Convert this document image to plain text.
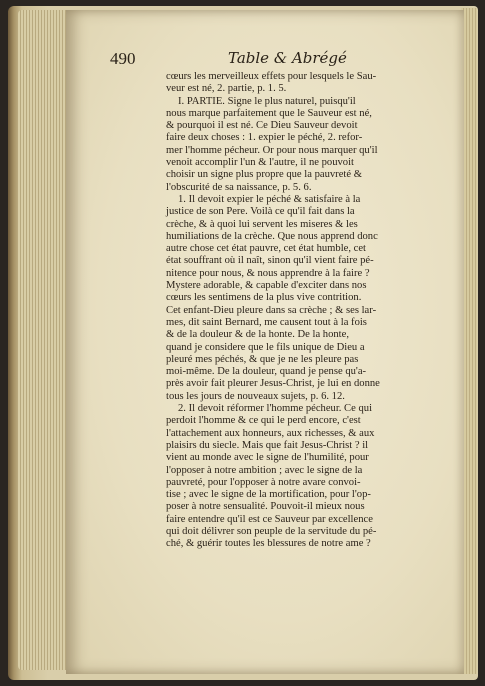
490	Table & Abrégé
cœurs les merveilleux effets pour lesquels le Sau-
veur est né, 2. partie, p. 1. 5.
I. PARTIE. Signe le plus naturel, puisqu'il
nous marque parfaitement que le Sauveur est né,
& pourquoi il est né. Ce Dieu Sauveur devoit
faire deux choses : 1. expier le péché, 2. refor-
mer l'homme pécheur. Or pour nous marquer qu'il
venoit accomplir l'un & l'autre, il ne pouvoit
choisir un signe plus propre que la pauvreté &
l'obscurité de sa naissance, p. 5. 6.
1. Il devoit expier le péché & satisfaire à la
justice de son Pere. Voilà ce qu'il fait dans la
crèche, & à quoi lui servent les miseres & les
humiliations de la crèche. Que nous apprend donc
autre chose cet état pauvre, cet état humble, cet
état souffrant où il naît, sinon qu'il vient faire pé-
nitence pour nous, & nous apprendre à la faire ?
Mystere adorable, & capable d'exciter dans nos
cœurs les sentimens de la plus vive contrition.
Cet enfant-Dieu pleure dans sa crèche ; & ses lar-
mes, dit saint Bernard, me causent tout à la fois
& de la douleur & de la honte. De la honte,
quand je considere que le fils unique de Dieu a
pleuré mes péchés, & que je ne les pleure pas
moi-même. De la douleur, quand je pense qu'a-
près avoir fait pleurer Jesus-Christ, je lui en donne
tous les jours de nouveaux sujets, p. 6. 12.
2. Il devoit réformer l'homme pécheur. Ce qui
perdoit l'homme & ce qui le perd encore, c'est
l'attachement aux honneurs, aux richesses, & aux
plaisirs du siecle. Mais que fait Jesus-Christ ? il
vient au monde avec le signe de l'humilité, pour
l'opposer à notre ambition ; avec le signe de la
pauvreté, pour l'opposer à notre avare convoi-
tise ; avec le signe de la mortification, pour l'op-
poser à notre sensualité. Pouvoit-il mieux nous
faire entendre qu'il est ce Sauveur par excellence
qui doit délivrer son peuple de la servitude du pé-
ché, & guérir toutes les blessures de notre ame ?
